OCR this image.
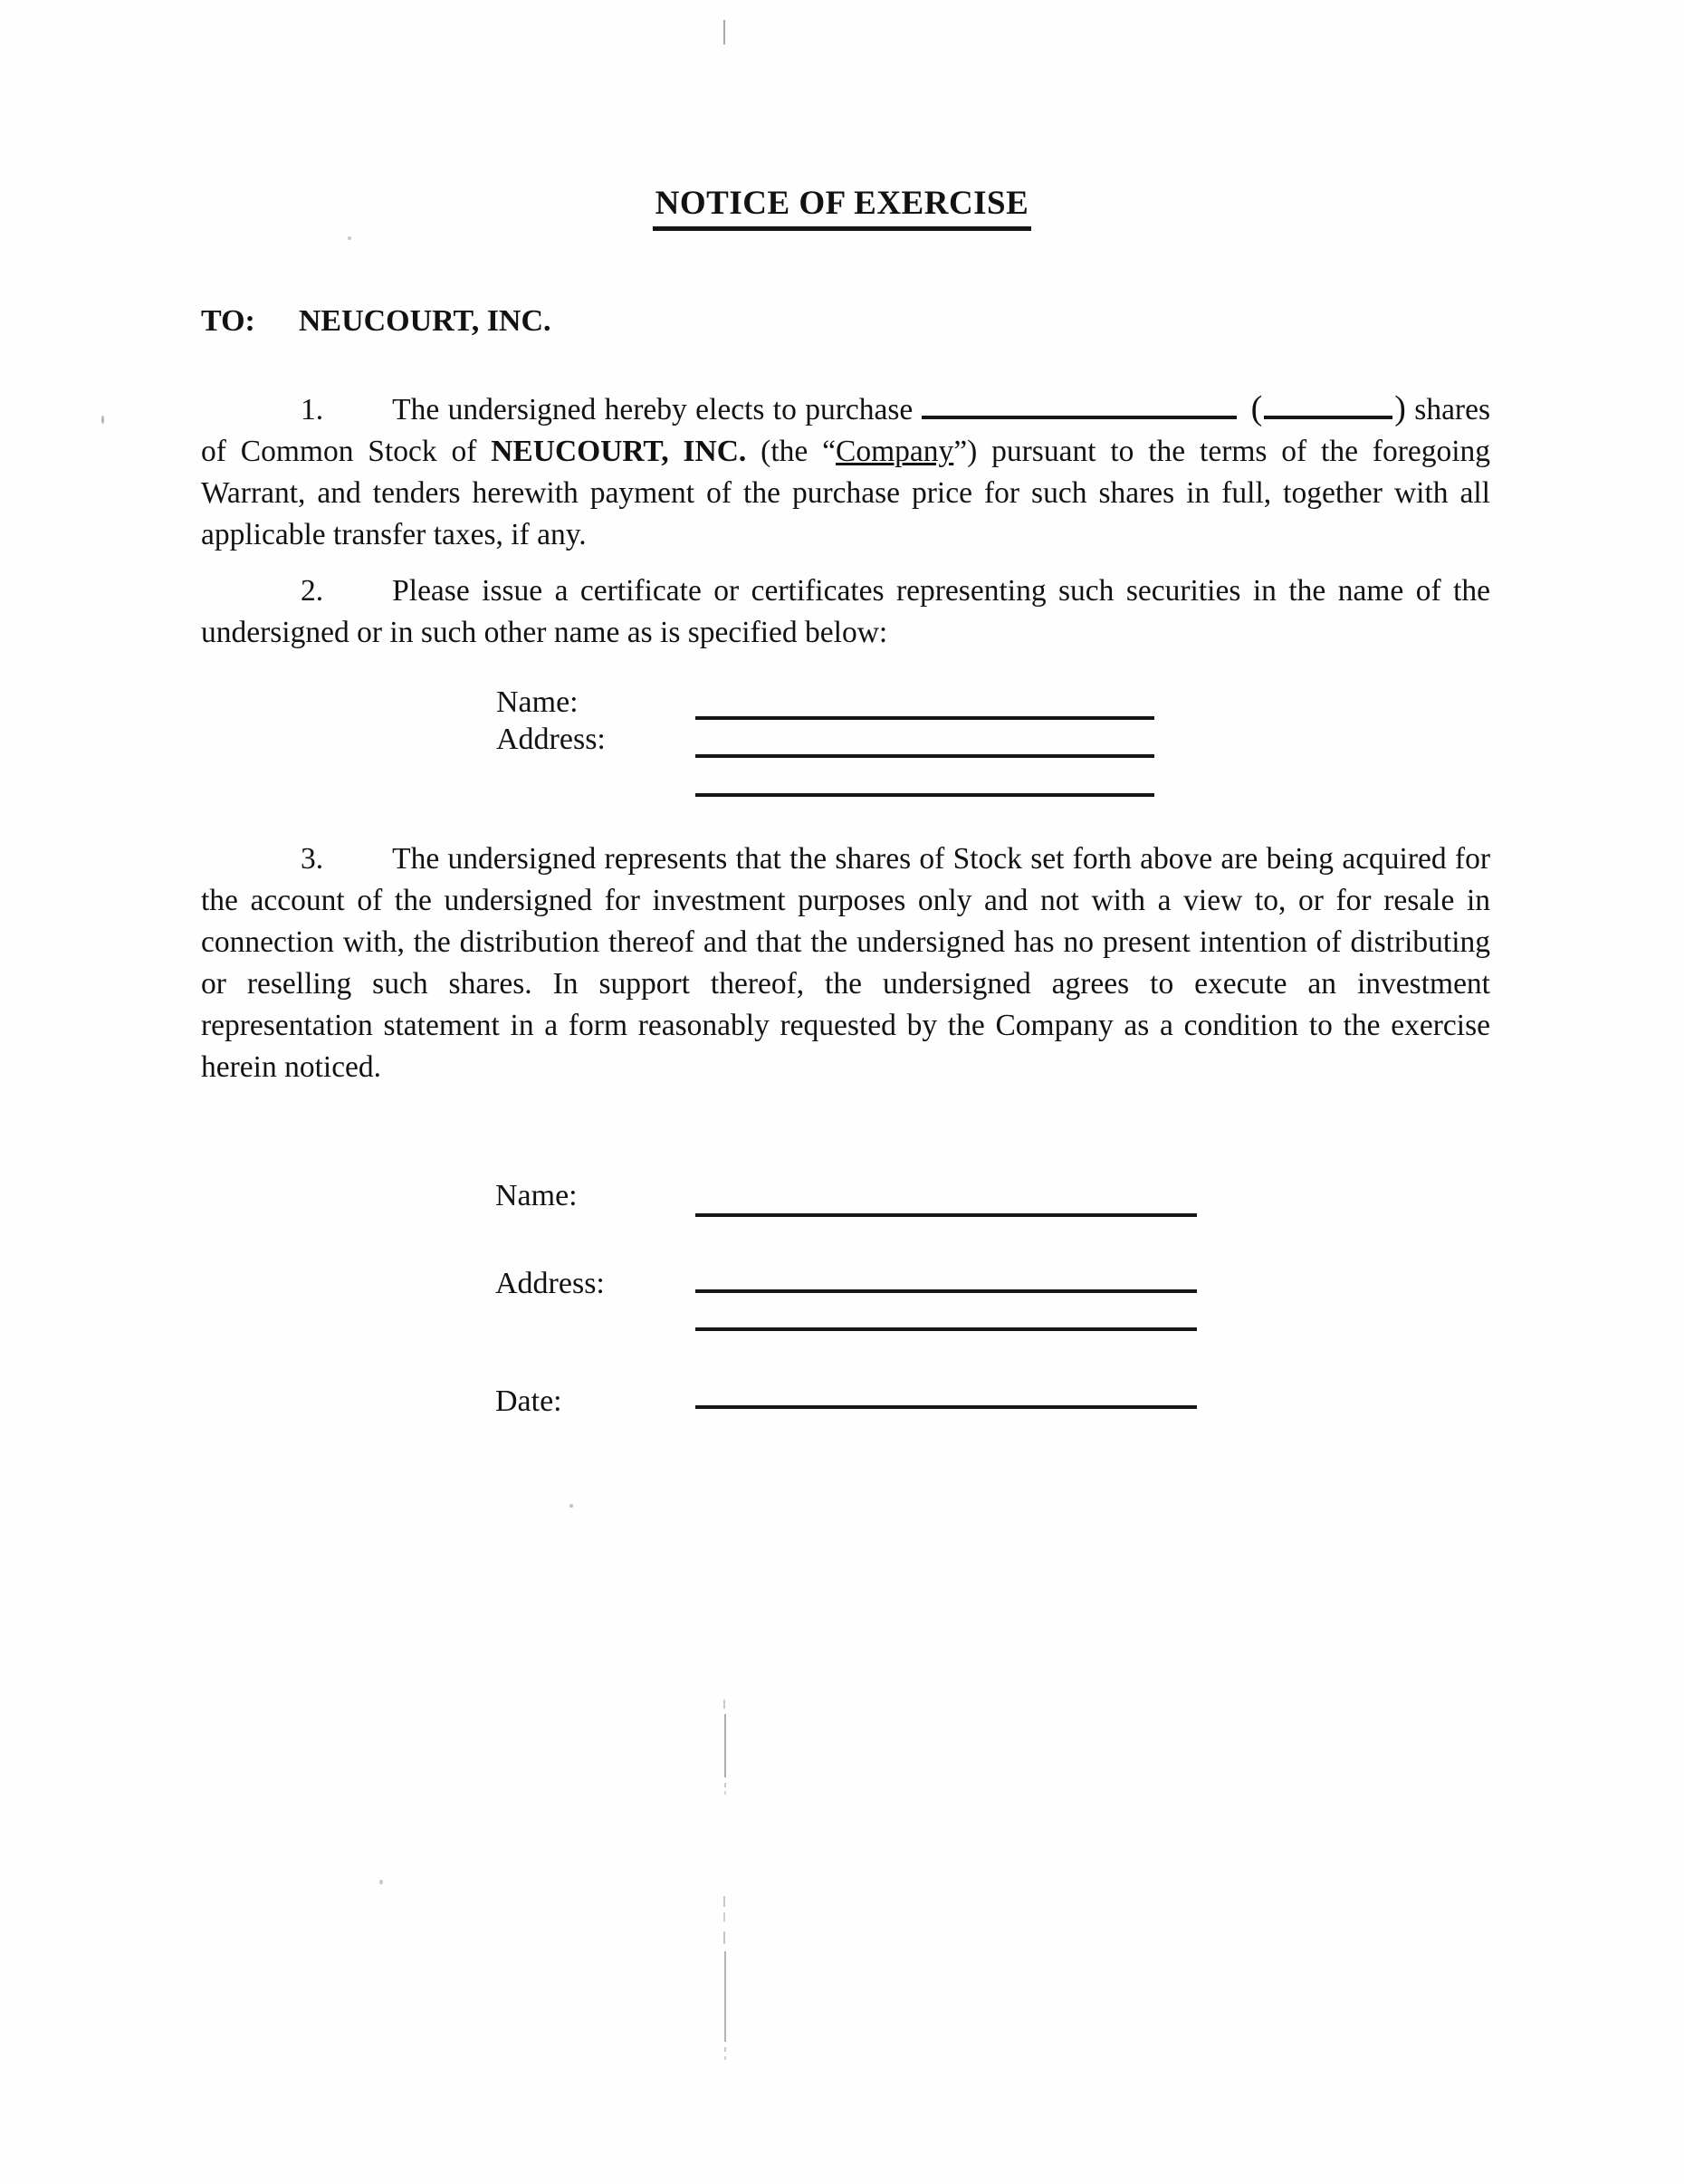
NOTICE OF EXERCISE
TO: NEUCOURT, INC.

1. The undersigned hereby elects to purchase	(	) shares of Common Stock of NEUCOURT, INC. (the “Company”) pursuant to the terms of the foregoing Warrant, and tenders herewith payment of the purchase price for such shares in full, together with all applicable transfer taxes, if any.

2. Please issue a certificate or certificates representing such securities in the name of the undersigned or in such other name as is specified below:

Name:
Address:

3. The undersigned represents that the shares of Stock set forth above are being acquired for the account of the undersigned for investment purposes only and not with a view to, or for resale in connection with, the distribution thereof and that the undersigned has no present intention of distributing or reselling such shares. In support thereof, the undersigned agrees to execute an investment representation statement in a form reasonably requested by the Company as a condition to the exercise herein noticed.

Name:
Address:
Date:
